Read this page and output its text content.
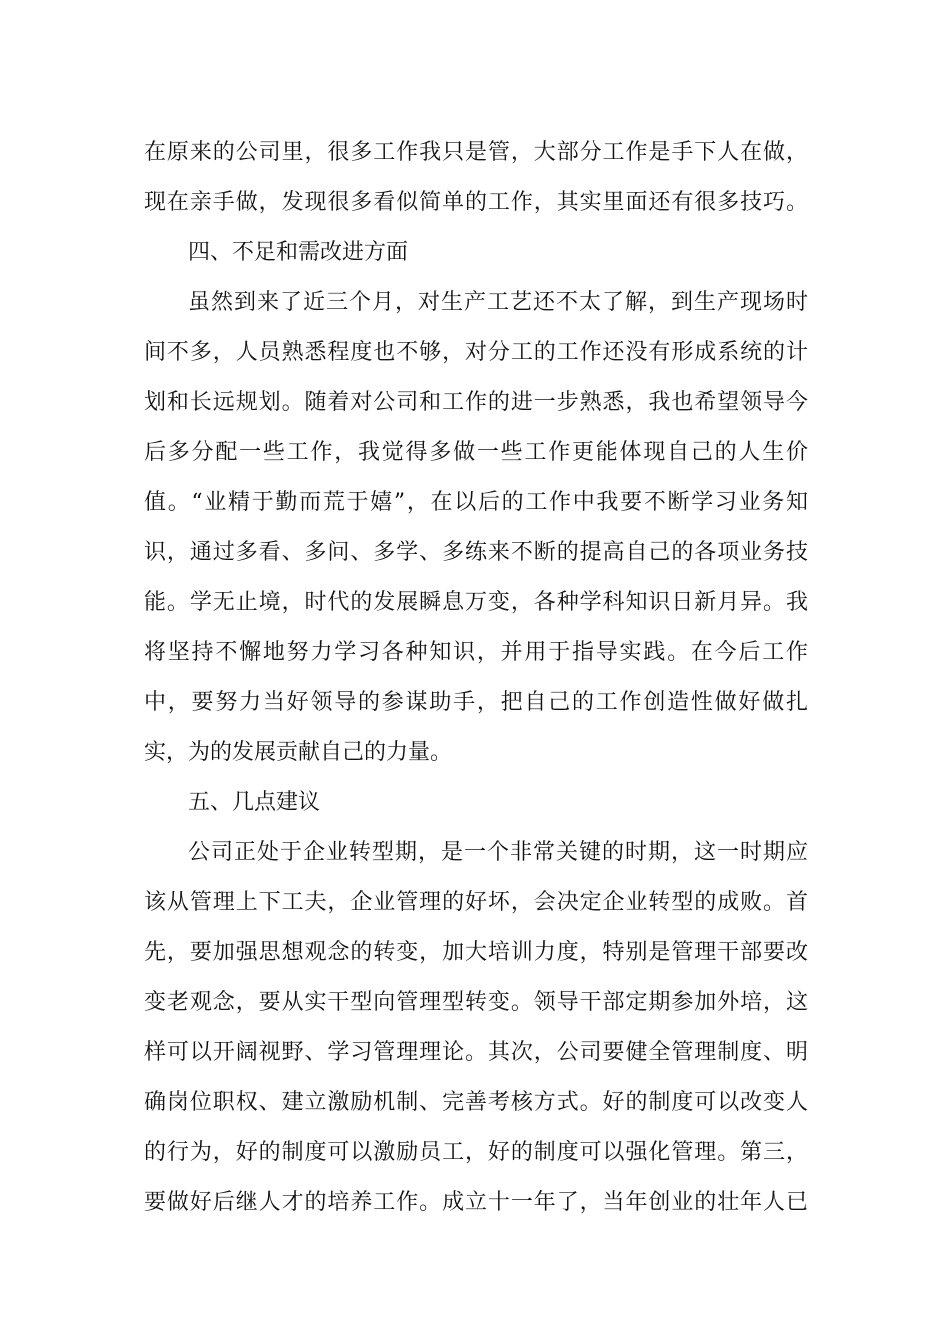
在原来的公司里，很多工作我只是管，大部分工作是手下人在做，
现在亲手做，发现很多看似简单的工作，其实里面还有很多技巧。
四、不足和需改进方面
虽然到来了近三个月，对生产工艺还不太了解，到生产现场时
间不多，人员熟悉程度也不够，对分工的工作还没有形成系统的计
划和长远规划。随着对公司和工作的进一步熟悉，我也希望领导今
后多分配一些工作，我觉得多做一些工作更能体现自己的人生价
值。“业精于勤而荒于嬉”，在以后的工作中我要不断学习业务知
识，通过多看、多问、多学、多练来不断的提高自己的各项业务技
能。学无止境，时代的发展瞬息万变，各种学科知识日新月异。我
将坚持不懈地努力学习各种知识，并用于指导实践。在今后工作
中，要努力当好领导的参谋助手，把自己的工作创造性做好做扎
实，为的发展贡献自己的力量。
五、几点建议
公司正处于企业转型期，是一个非常关键的时期，这一时期应
该从管理上下工夫，企业管理的好坏，会决定企业转型的成败。首
先，要加强思想观念的转变，加大培训力度，特别是管理干部要改
变老观念，要从实干型向管理型转变。领导干部定期参加外培，这
样可以开阔视野、学习管理理论。其次，公司要健全管理制度、明
确岗位职权、建立激励机制、完善考核方式。好的制度可以改变人
的行为，好的制度可以激励员工，好的制度可以强化管理。第三，
要做好后继人才的培养工作。成立十一年了，当年创业的壮年人已
